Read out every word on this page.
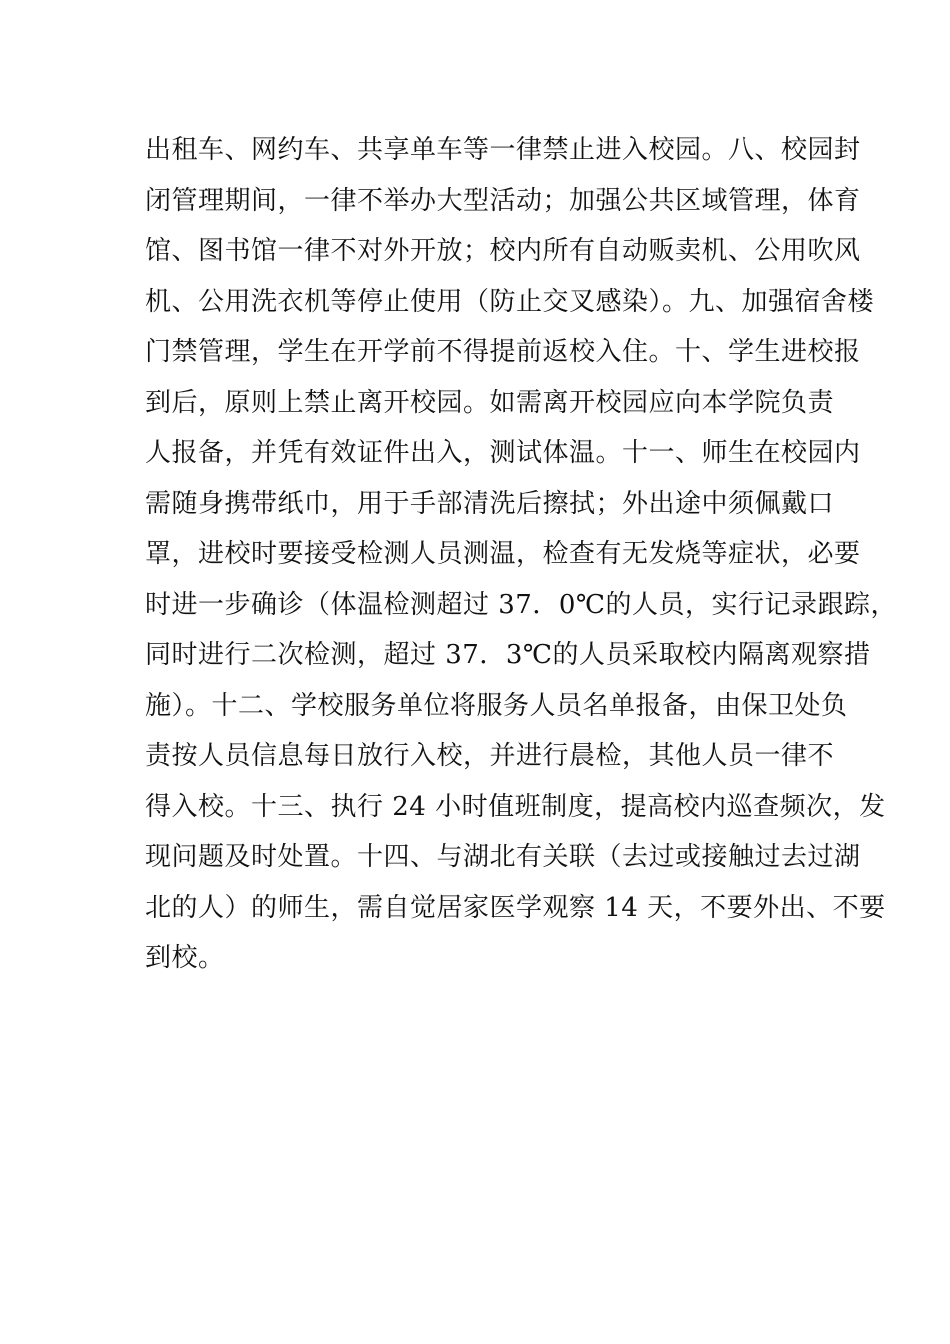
出租车、网约车、共享单车等一律禁止进入校园。八、校园封
闭管理期间，一律不举办大型活动；加强公共区域管理，体育
馆、图书馆一律不对外开放；校内所有自动贩卖机、公用吹风
机、公用洗衣机等停止使用（防止交叉感染）。九、加强宿舍楼
门禁管理，学生在开学前不得提前返校入住。十、学生进校报
到后，原则上禁止离开校园。如需离开校园应向本学院负责
人报备，并凭有效证件出入，测试体温。十一、师生在校园内
需随身携带纸巾，用于手部清洗后擦拭；外出途中须佩戴口
罩，进校时要接受检测人员测温，检查有无发烧等症状，必要
时进一步确诊（体温检测超过 37．0℃的人员，实行记录跟踪，
同时进行二次检测，超过 37．3℃的人员采取校内隔离观察措
施）。十二、学校服务单位将服务人员名单报备，由保卫处负
责按人员信息每日放行入校，并进行晨检，其他人员一律不
得入校。十三、执行 24 小时值班制度，提高校内巡查频次，发
现问题及时处置。十四、与湖北有关联（去过或接触过去过湖
北的人）的师生，需自觉居家医学观察 14 天，不要外出、不要
到校。
